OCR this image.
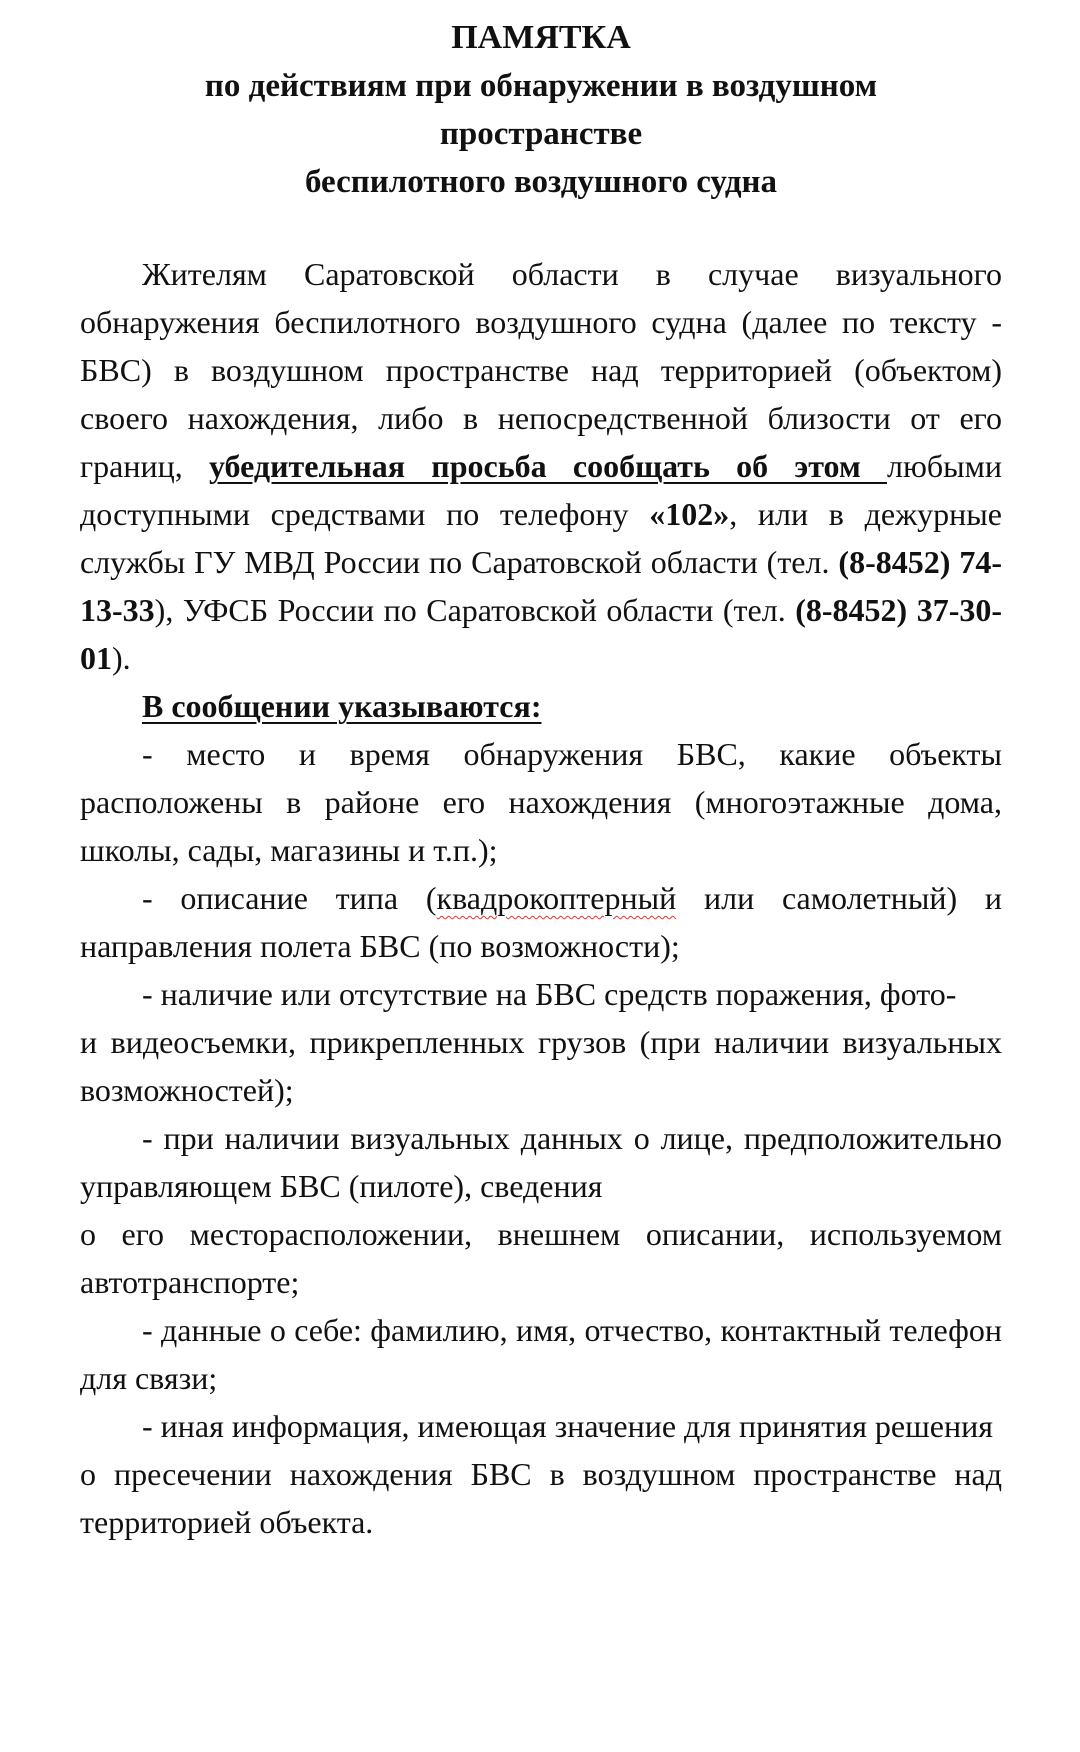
ПАМЯТКА
по действиям при обнаружении в воздушном
пространстве
беспилотного воздушного судна

Жителям Саратовской области в случае визуального обнаружения беспилотного воздушного судна (далее по тексту - БВС) в воздушном пространстве над территорией (объектом) своего нахождения, либо в непосредственной близости от его границ, убедительная просьба сообщать об этом любыми доступными средствами по телефону «102», или в дежурные службы ГУ МВД России по Саратовской области (тел. (8-8452) 74-13-33), УФСБ России по Саратовской области (тел. (8-8452) 37-30-01).

В сообщении указываются:

- место и время обнаружения БВС, какие объекты расположены в районе его нахождения (многоэтажные дома, школы, сады, магазины и т.п.);

- описание типа (квадрокоптерный или самолетный) и направления полета БВС (по возможности);

- наличие или отсутствие на БВС средств поражения, фото-

и видеосъемки, прикрепленных грузов (при наличии визуальных возможностей);

- при наличии визуальных данных о лице, предположительно управляющем БВС (пилоте), сведения

о его месторасположении, внешнем описании, используемом автотранспорте;

- данные о себе: фамилию, имя, отчество, контактный телефон для связи;

- иная информация, имеющая значение для принятия решения

о пресечении нахождения БВС в воздушном пространстве над территорией объекта.
